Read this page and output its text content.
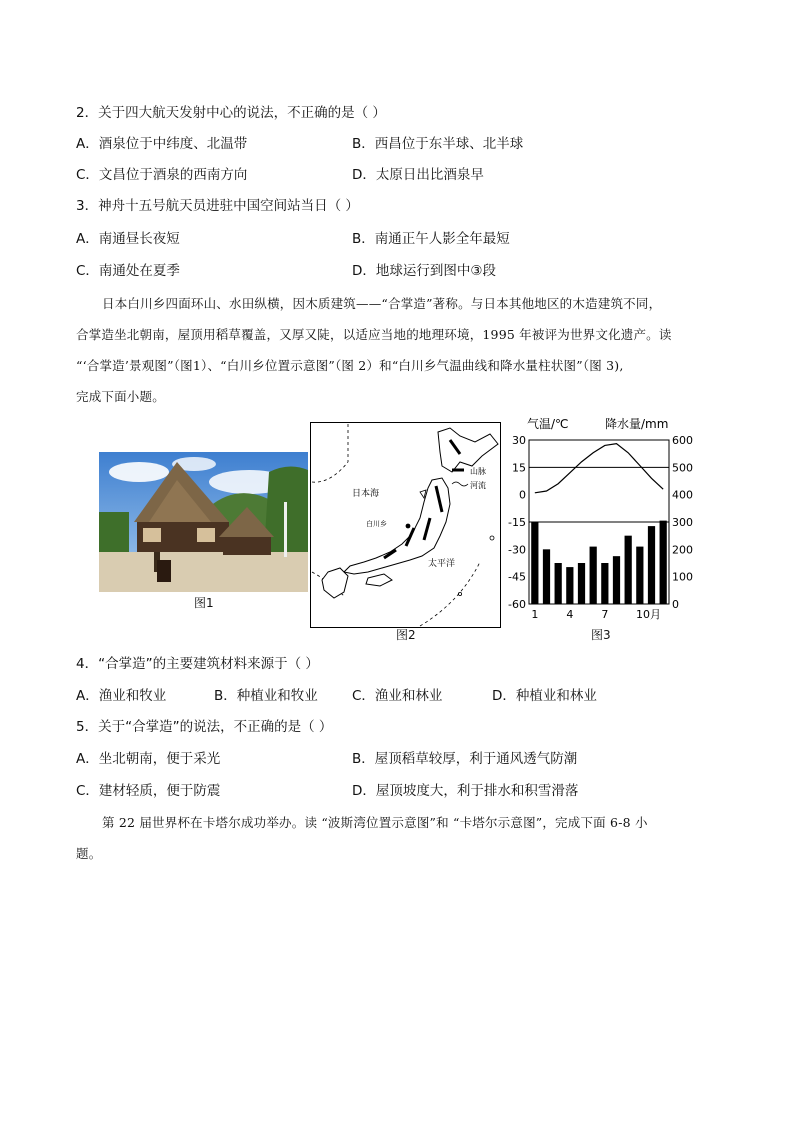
2．关于四大航天发射中心的说法，不正确的是（ ）
A．酒泉位于中纬度、北温带	B．西昌位于东半球、北半球
C．文昌位于酒泉的西南方向	D．太原日出比酒泉早
3．神舟十五号航天员进驻中国空间站当日（ ）
A．南通昼长夜短	B．南通正午人影全年最短
C．南通处在夏季	D．地球运行到图中③段
日本白川乡四面环山、水田纵横，因木质建筑——“合掌造”著称。与日本其他地区的木造建筑不同，
合掌造坐北朝南，屋顶用稻草覆盖，又厚又陡，以适应当地的地理环境，1995 年被评为世界文化遗产。读
“‘合掌造’景观图”（图1）、“白川乡位置示意图”（图 2）和“白川乡气温曲线和降水量柱状图”（图 3),
完成下面小题。
图1
山脉
河流
日本海
太平洋
白川乡
图2
气温/℃	降水量/mm
30
15
0
-15
-30
-45
-60
600
500
400
300
200
100
0
1	4	7	10月
图3
4．“合掌造”的主要建筑材料来源于（ ）
A．渔业和牧业	B．种植业和牧业	C．渔业和林业	D．种植业和林业
5．关于“合掌造”的说法，不正确的是（ ）
A．坐北朝南，便于采光	B．屋顶稻草较厚，利于通风透气防潮
C．建材轻质，便于防震	D．屋顶坡度大，利于排水和积雪滑落
第 22 届世界杯在卡塔尔成功举办。读 “波斯湾位置示意图”和 “卡塔尔示意图”，完成下面 6-8 小
题。
